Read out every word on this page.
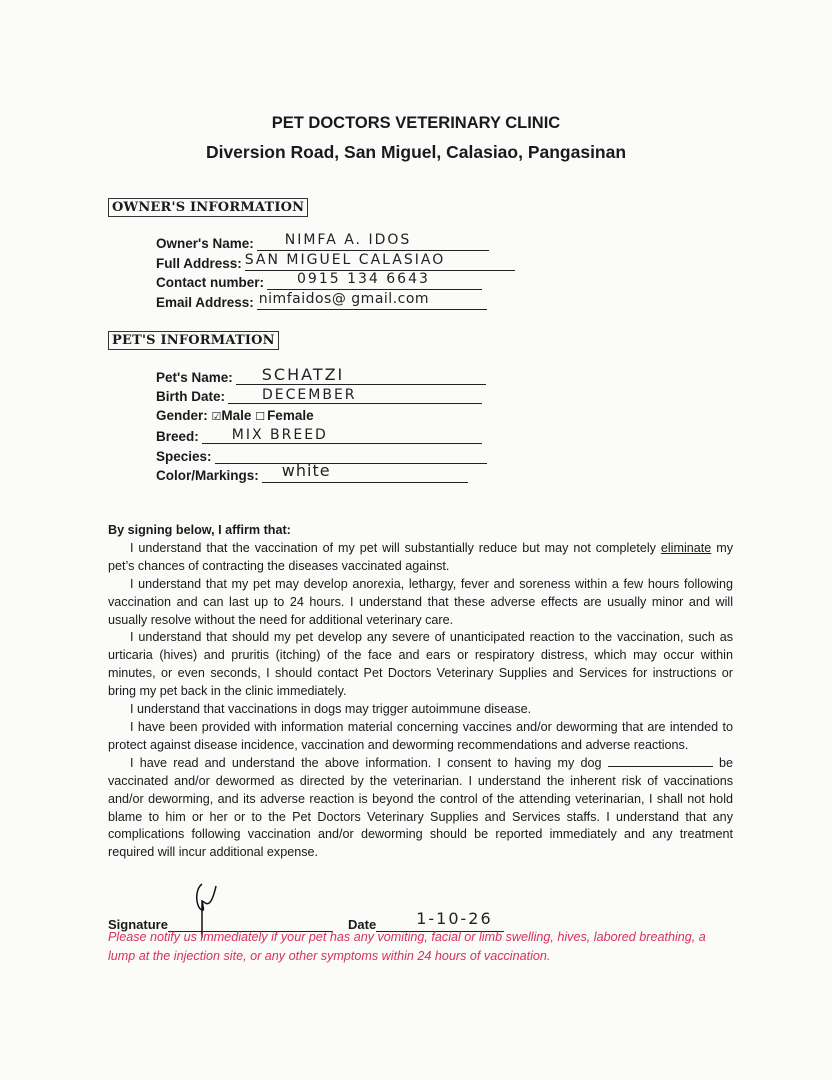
PET DOCTORS VETERINARY CLINIC
Diversion Road, San Miguel, Calasiao, Pangasinan
OWNER'S INFORMATION
Owner's Name: NIMFA A. IDOS
Full Address: SAN MIGUEL CALASIAO
Contact number: 0915 134 6643
Email Address: nimfaidos@ gmail.com
PET'S INFORMATION
Pet's Name: SCHATZI
Birth Date:	DECEMBER
Gender:
☑ Male
☐ Female
Breed: MIX BREED
Species:
Color/Markings: white

By signing below, I affirm that:

I understand that the vaccination of my pet will substantially reduce but may not completely eliminate my pet’s chances of contracting the diseases vaccinated against.

I understand that my pet may develop anorexia, lethargy, fever and soreness within a few hours following vaccination and can last up to 24 hours. I understand that these adverse effects are usually minor and will usually resolve without the need for additional veterinary care.

I understand that should my pet develop any severe of unanticipated reaction to the vaccination, such as urticaria (hives) and pruritis (itching) of the face and ears or respiratory distress, which may occur within minutes, or even seconds, I should contact Pet Doctors Veterinary Supplies and Services for instructions or bring my pet back in the clinic immediately.

I understand that vaccinations in dogs may trigger autoimmune disease.

I have been provided with information material concerning vaccines and/or deworming that are intended to protect against disease incidence, vaccination and deworming recommendations and adverse reactions.

I have read and understand the above information. I consent to having my dog	be vaccinated and/or dewormed as directed by the veterinarian. I understand the inherent risk of vaccinations and/or deworming, and its adverse reaction is beyond the control of the attending veterinarian, I shall not hold blame to him or her or to the Pet Doctors Veterinary Supplies and Services staffs. I understand that any complications following vaccination and/or deworming should be reported immediately and any treatment required will incur additional expense.

Signature	Date	1-10-26
Please notify us immediately if your pet has any vomiting, facial or limb swelling, hives, labored breathing, a lump at the injection site, or any other symptoms within 24 hours of vaccination.
